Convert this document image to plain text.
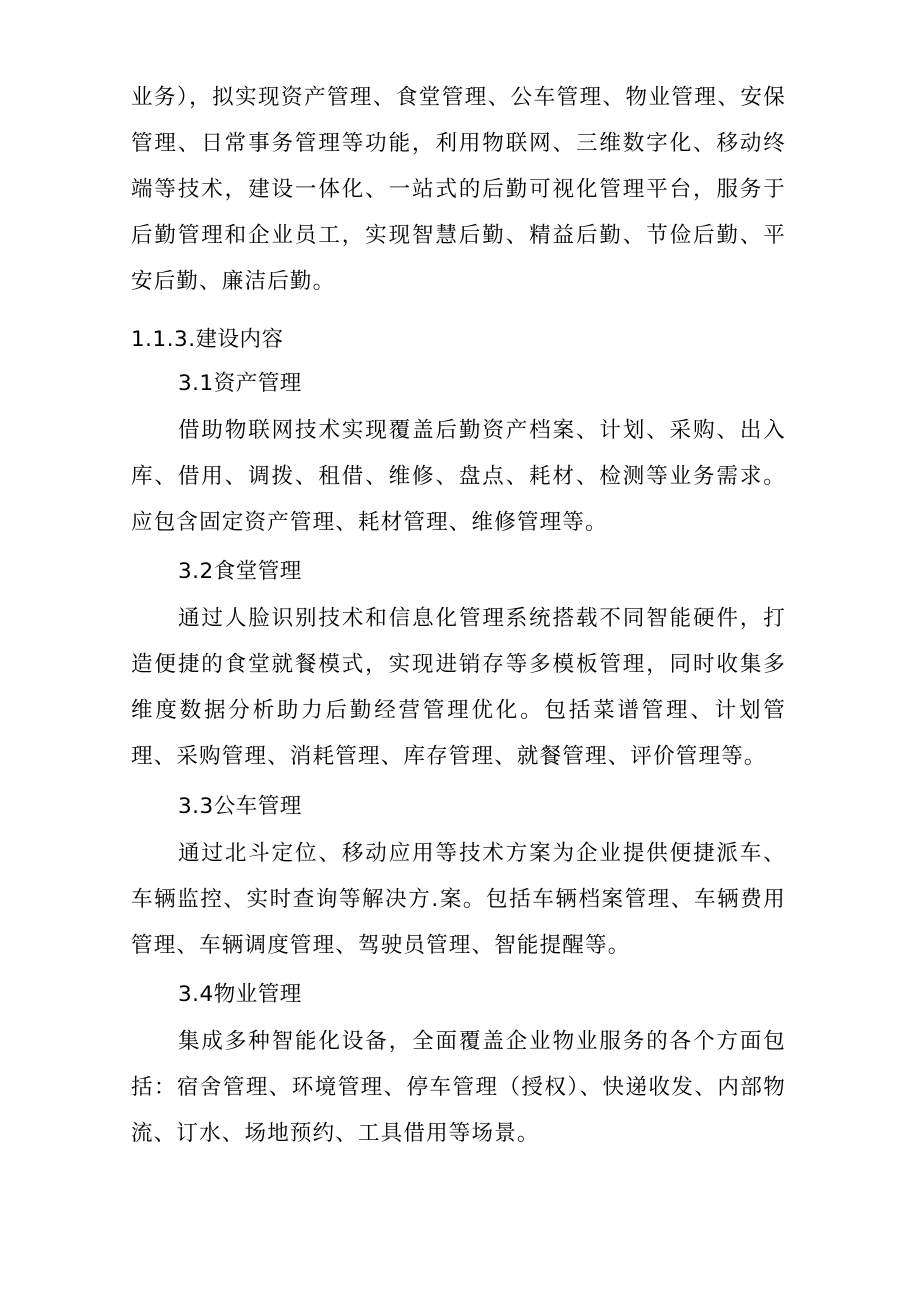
业务），拟实现资产管理、食堂管理、公车管理、物业管理、安保管理、日常事务管理等功能，利用物联网、三维数字化、移动终端等技术，建设一体化、一站式的后勤可视化管理平台，服务于后勤管理和企业员工，实现智慧后勤、精益后勤、节俭后勤、平安后勤、廉洁后勤。

1.1.3.建设内容
3.1资产管理

借助物联网技术实现覆盖后勤资产档案、计划、采购、出入库、借用、调拨、租借、维修、盘点、耗材、检测等业务需求。应包含固定资产管理、耗材管理、维修管理等。

3.2食堂管理

通过人脸识别技术和信息化管理系统搭载不同智能硬件，打造便捷的食堂就餐模式，实现进销存等多模板管理，同时收集多维度数据分析助力后勤经营管理优化。包括菜谱管理、计划管理、采购管理、消耗管理、库存管理、就餐管理、评价管理等。

3.3公车管理

通过北斗定位、移动应用等技术方案为企业提供便捷派车、车辆监控、实时查询等解决方.案。包括车辆档案管理、车辆费用管理、车辆调度管理、驾驶员管理、智能提醒等。

3.4物业管理

集成多种智能化设备，全面覆盖企业物业服务的各个方面包括：宿舍管理、环境管理、停车管理（授权）、快递收发、内部物流、订水、场地预约、工具借用等场景。
